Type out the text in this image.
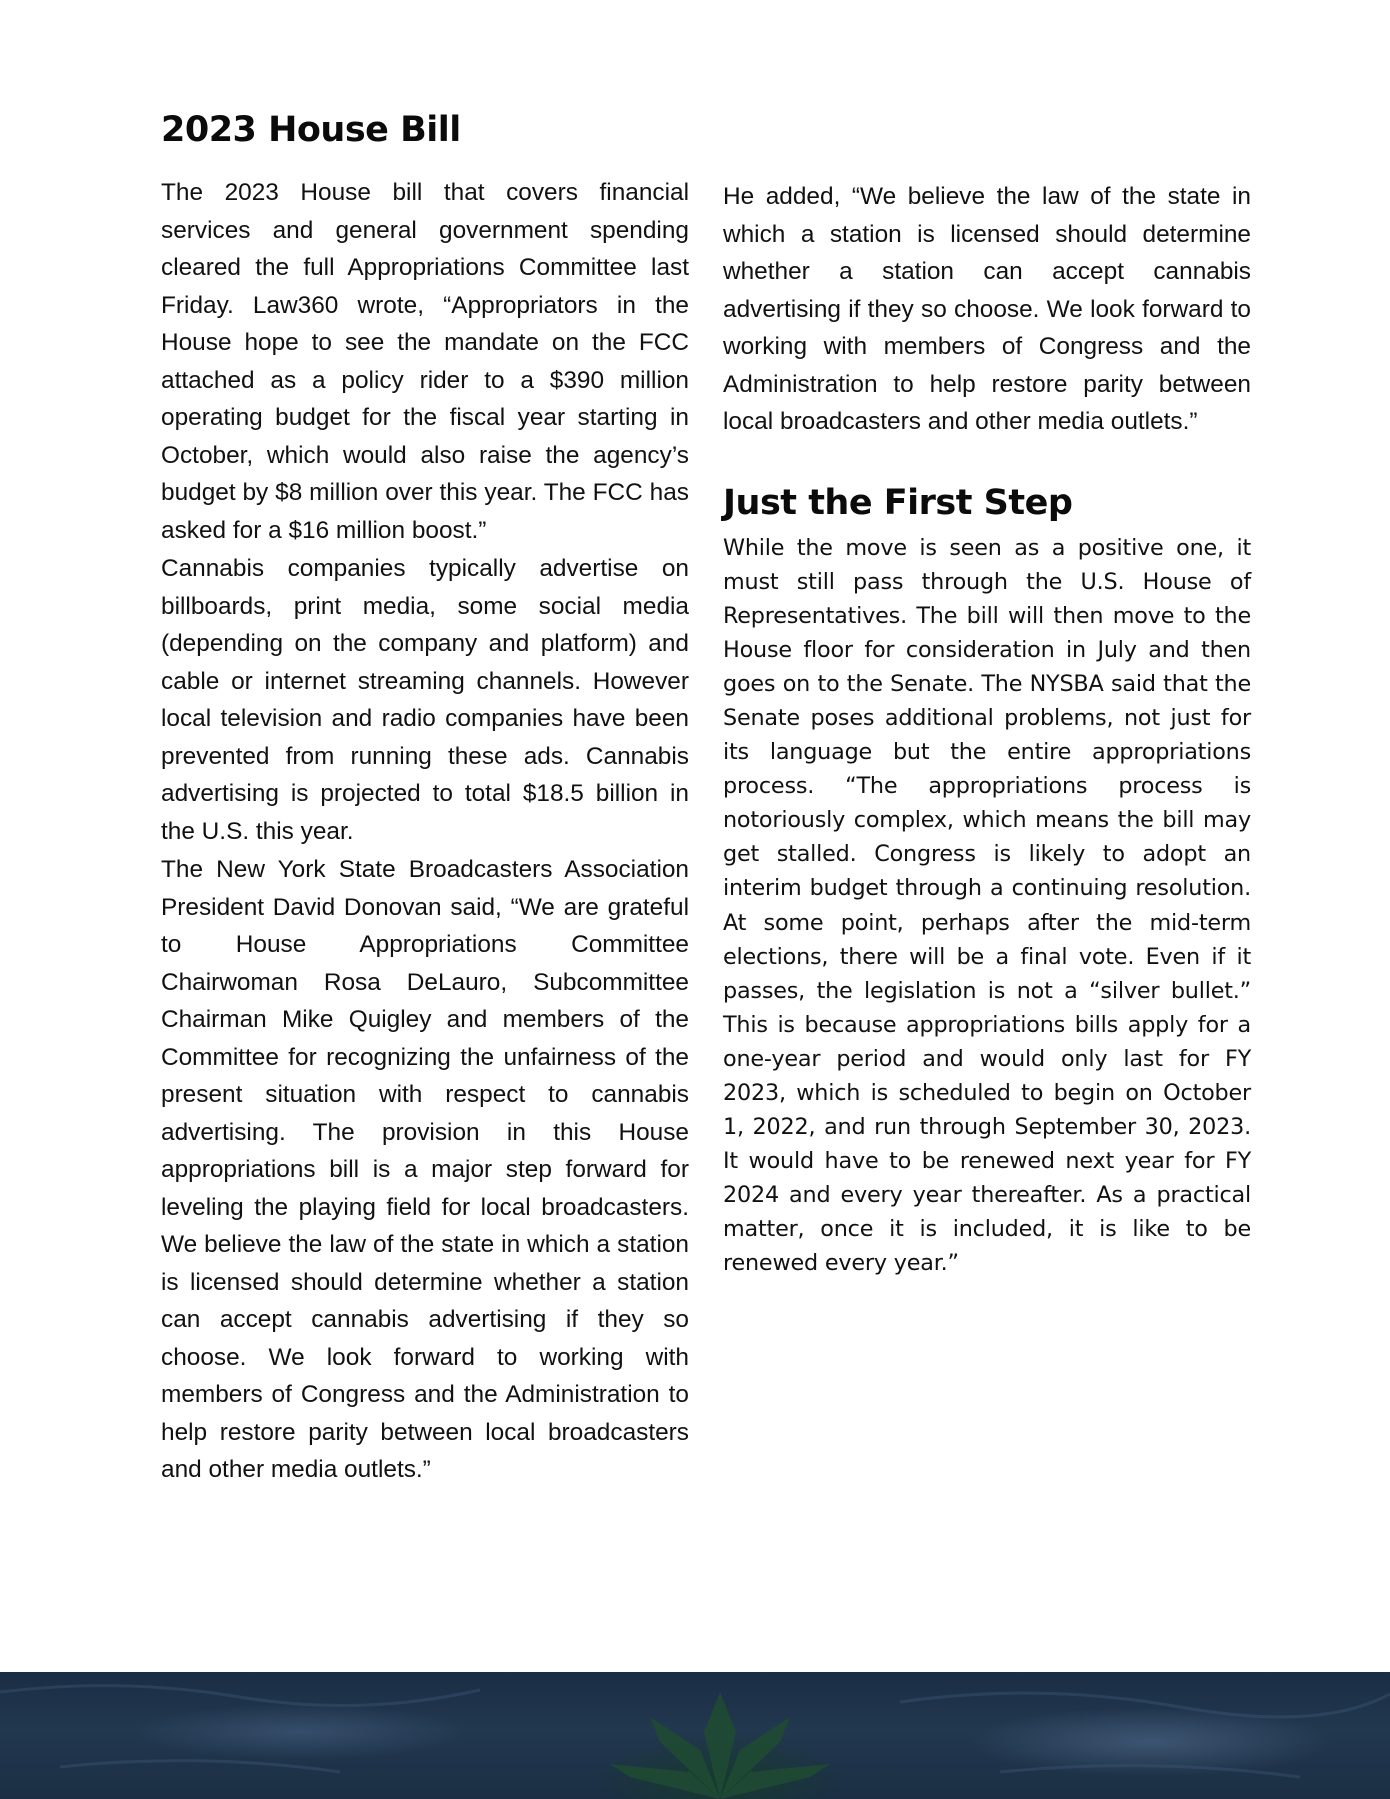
2023 House Bill

The 2023 House bill that covers financial services and general government spending cleared the full Appropriations Committee last Friday. Law360 wrote, “Appropriators in the House hope to see the mandate on the FCC attached as a policy rider to a $390 million operating budget for the fiscal year starting in October, which would also raise the agency’s budget by $8 million over this year. The FCC has asked for a $16 million boost.”

Cannabis companies typically advertise on billboards, print media, some social media (depending on the company and platform) and cable or internet streaming channels. However local television and radio companies have been prevented from running these ads. Cannabis advertising is projected to total $18.5 billion in the U.S. this year.

The New York State Broadcasters Association President David Donovan said, “We are grateful to House Appropriations Committee Chairwoman Rosa DeLauro, Subcommittee Chairman Mike Quigley and members of the Committee for recognizing the unfairness of the present situation with respect to cannabis advertising. The provision in this House appropriations bill is a major step forward for leveling the playing field for local broadcasters. We believe the law of the state in which a station is licensed should determine whether a station can accept cannabis advertising if they so choose. We look forward to working with members of Congress and the Administration to help restore parity between local broadcasters and other media outlets.”

He added, “We believe the law of the state in which a station is licensed should determine whether a station can accept cannabis advertising if they so choose. We look forward to working with members of Congress and the Administration to help restore parity between local broadcasters and other media outlets.”

Just the First Step

While the move is seen as a positive one, it must still pass through the U.S. House of Representatives. The bill will then move to the House floor for consideration in July and then goes on to the Senate. The NYSBA said that the Senate poses additional problems, not just for its language but the entire appropriations process. “The appropriations process is notoriously complex, which means the bill may get stalled. Congress is likely to adopt an interim budget through a continuing resolution. At some point, perhaps after the mid-term elections, there will be a final vote. Even if it passes, the legislation is not a “silver bullet.” This is because appropriations bills apply for a one-year period and would only last for FY 2023, which is scheduled to begin on October 1, 2022, and run through September 30, 2023. It would have to be renewed next year for FY 2024 and every year thereafter. As a practical matter, once it is included, it is like to be renewed every year.”
